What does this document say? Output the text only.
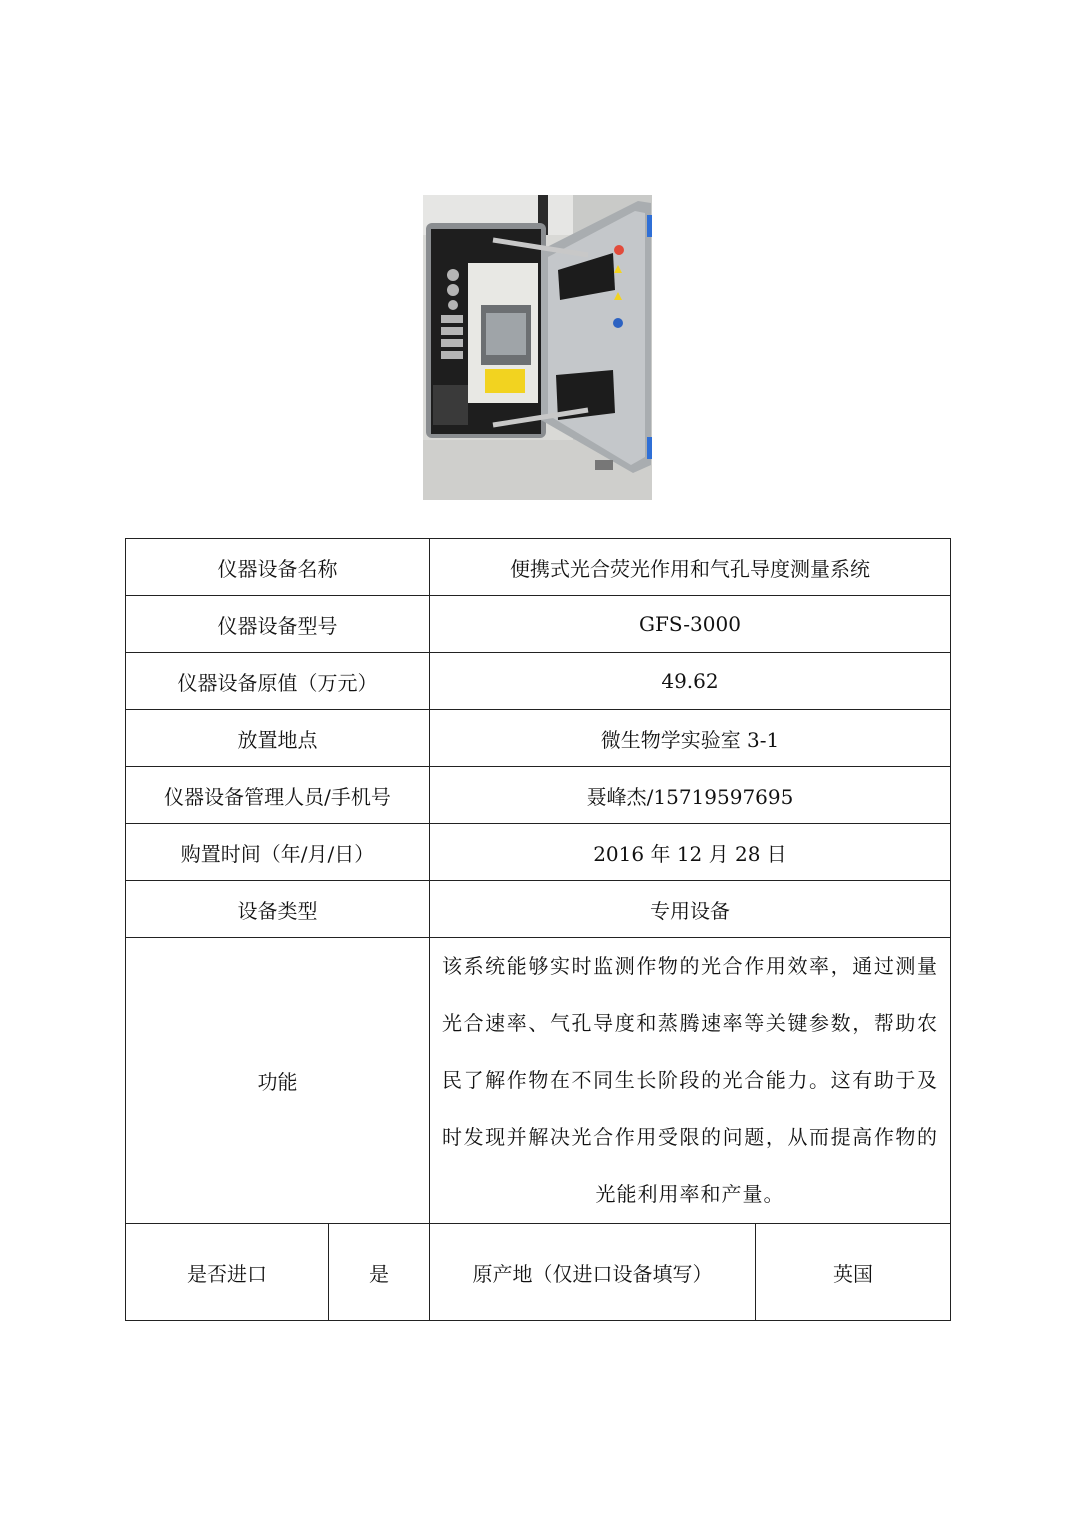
仪器设备名称		便携式光合荧光作用和气孔导度测量系统	
仪器设备型号		GFS-3000	
仪器设备原值（万元）		49.62	
放置地点		微生物学实验室 3-1	
仪器设备管理人员/手机号		聂峰杰/15719597695	
购置时间（年/月/日）		2016 年 12 月 28 日	
设备类型		专用设备	
功能		该系统能够实时监测作物的光合作用效率，通过测量光合速率、气孔导度和蒸腾速率等关键参数，帮助农民了解作物在不同生长阶段的光合能力。这有助于及时发现并解决光合作用受限的问题，从而提高作物的光能利用率和产量。	
是否进口	是	原产地（仅进口设备填写）	英国
